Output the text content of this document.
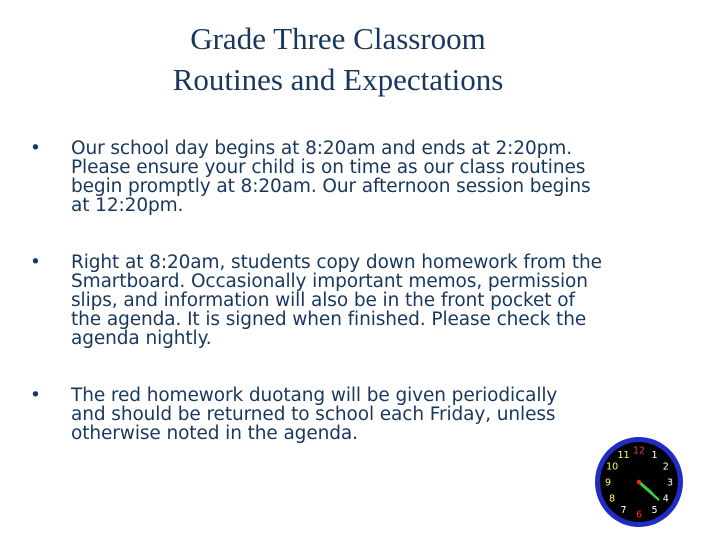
Grade Three Classroom
Routines and Expectations
•	Our school day begins at 8:20am and ends at 2:20pm.
Please ensure your child is on time as our class routines
begin promptly at 8:20am. Our afternoon session begins
at 12:20pm.
•	Right at 8:20am, students copy down homework from the
Smartboard. Occasionally important memos, permission
slips, and information will also be in the front pocket of
the agenda. It is signed when finished. Please check the
agenda nightly.
•	The red homework duotang will be given periodically
and should be returned to school each Friday, unless
otherwise noted in the agenda.
12 1
2
3
4
5
6
7
8
9
10
11
